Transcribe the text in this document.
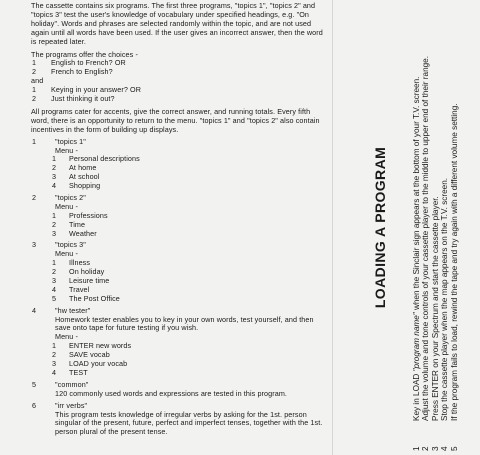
The cassette contains six programs. The first three programs, "topics 1", "topics 2" and "topics 3" test the user's knowledge of vocabulary under specified headings, e.g. "On holiday". Words and phrases are selected randomly within the topic, and are not used again until all words have been used. If the user gives an incorrect answer, then the word is repeated later.

The programs offer the choices -

1 English to French? OR
2 French to English?

and

1 Keying in your answer? OR
2 Just thinking it out?

All programs cater for accents, give the correct answer, and running totals. Every fifth word, there is an opportunity to return to the menu. "topics 1" and "topics 2" also contain incentives in the form of building up displays.

1	"topics 1"
Menu -
1 Personal descriptions
2 At home
3 At school
4 Shopping
2	"topics 2"
Menu -
1 Professions
2 Time
3 Weather
3	"topics 3"
Menu -
1 Illness
2 On holiday
3 Leisure time
4 Travel
5 The Post Office
4	"hw tester"

Homework tester enables you to key in your own words, test yourself, and then save onto tape for future testing if you wish.

Menu -
1 ENTER new words
2 SAVE vocab
3 LOAD your vocab
4 TEST
5	"common"

120 commonly used words and expressions are tested in this program.

6	"irr verbs"

This program tests knowledge of irregular verbs by asking for the 1st. person singular of the present, future, perfect and imperfect tenses, together with the 1st. person plural of the present tense.

LOADING A PROGRAM
1
Key in LOAD "program name" when the Sinclair sign appears at the bottom of your T.V. screen.
2
Adjust the volume and tone controls of your cassette player to the middle to upper end of their range.
3
Press ENTER on your Spectrum and start the cassette player.
4
Stop the cassette player when the map appears on the T.V. screen.
5
If the program fails to load, rewind the tape and try again with a different volume setting.
